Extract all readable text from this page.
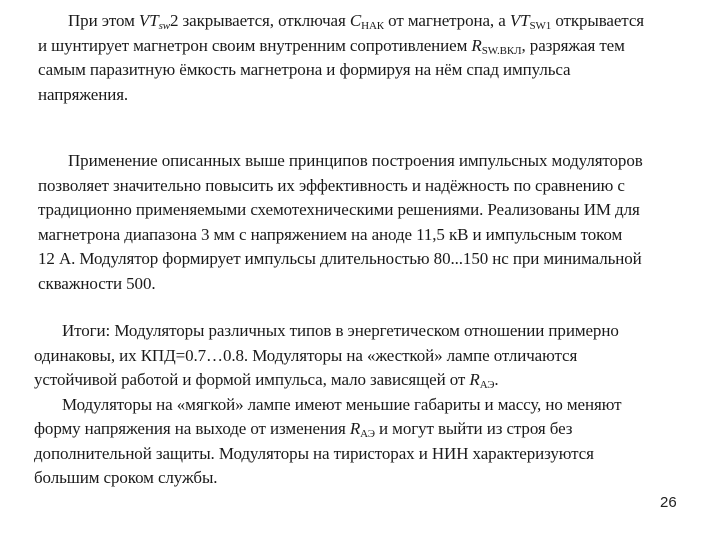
При этом $VT_{sw}2$ закрывается, отключая $C_{НАК}$ от магнетрона, а $VT_{SW1}$ открывается
и шунтирует магнетрон своим внутренним сопротивлением $R_{SW.ВКЛ}$, разряжая тем
самым паразитную ёмкость магнетрона и формируя на нём спад импульса
напряжения.
Применение описанных выше принципов построения импульсных модуляторов
позволяет значительно повысить их эффективность и надёжность по сравнению с
традиционно применяемыми схемотехническими решениями. Реализованы ИМ для
магнетрона диапазона 3 мм с напряжением на аноде 11,5 кВ и импульсным током
12 А. Модулятор формирует импульсы длительностью 80...150 нс при минимальной
скважности 500.
Итоги: Модуляторы различных типов в энергетическом отношении примерно
одинаковы, их КПД=0.7…0.8. Модуляторы на «жесткой» лампе отличаются
устойчивой работой и формой импульса, мало зависящей от $R_{АЭ}$.
Модуляторы на «мягкой» лампе имеют меньшие габариты и массу, но меняют
форму напряжения на выходе от изменения $R_{АЭ}$ и могут выйти из строя без
дополнительной защиты. Модуляторы на тиристорах и НИН характеризуются
большим сроком службы.
26
